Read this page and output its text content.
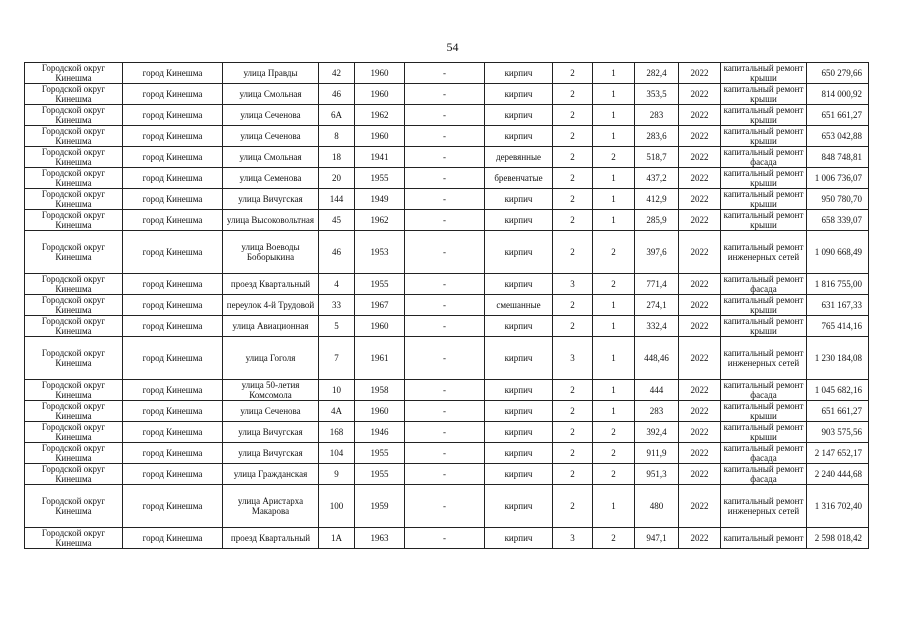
54
Городской округ Кинешма	город Кинешма	улица Правды	42	1960	-	кирпич	2	1	282,4	2022	капитальный ремонт крыши	650 279,66
Городской округ Кинешма	город Кинешма	улица Смольная	46	1960	-	кирпич	2	1	353,5	2022	капитальный ремонт крыши	814 000,92
Городской округ Кинешма	город Кинешма	улица Сеченова	6А	1962	-	кирпич	2	1	283	2022	капитальный ремонт крыши	651 661,27
Городской округ Кинешма	город Кинешма	улица Сеченова	8	1960	-	кирпич	2	1	283,6	2022	капитальный ремонт крыши	653 042,88
Городской округ Кинешма	город Кинешма	улица Смольная	18	1941	-	деревянные	2	2	518,7	2022	капитальный ремонт фасада	848 748,81
Городской округ Кинешма	город Кинешма	улица Семенова	20	1955	-	бревенчатые	2	1	437,2	2022	капитальный ремонт крыши	1 006 736,07
Городской округ Кинешма	город Кинешма	улица Вичугская	144	1949	-	кирпич	2	1	412,9	2022	капитальный ремонт крыши	950 780,70
Городской округ Кинешма	город Кинешма	улица Высоковольтная	45	1962	-	кирпич	2	1	285,9	2022	капитальный ремонт крыши	658 339,07
Городской округ Кинешма	город Кинешма	улица Воеводы Боборыкина	46	1953	-	кирпич	2	2	397,6	2022	капитальный ремонт инженерных сетей	1 090 668,49
Городской округ Кинешма	город Кинешма	проезд Квартальный	4	1955	-	кирпич	3	2	771,4	2022	капитальный ремонт фасада	1 816 755,00
Городской округ Кинешма	город Кинешма	переулок 4-й Трудовой	33	1967	-	смешанные	2	1	274,1	2022	капитальный ремонт крыши	631 167,33
Городской округ Кинешма	город Кинешма	улица Авиационная	5	1960	-	кирпич	2	1	332,4	2022	капитальный ремонт крыши	765 414,16
Городской округ Кинешма	город Кинешма	улица Гоголя	7	1961	-	кирпич	3	1	448,46	2022	капитальный ремонт инженерных сетей	1 230 184,08
Городской округ Кинешма	город Кинешма	улица 50-летия Комсомола	10	1958	-	кирпич	2	1	444	2022	капитальный ремонт фасада	1 045 682,16
Городской округ Кинешма	город Кинешма	улица Сеченова	4А	1960	-	кирпич	2	1	283	2022	капитальный ремонт крыши	651 661,27
Городской округ Кинешма	город Кинешма	улица Вичугская	168	1946	-	кирпич	2	2	392,4	2022	капитальный ремонт крыши	903 575,56
Городской округ Кинешма	город Кинешма	улица Вичугская	104	1955	-	кирпич	2	2	911,9	2022	капитальный ремонт фасада	2 147 652,17
Городской округ Кинешма	город Кинешма	улица Гражданская	9	1955	-	кирпич	2	2	951,3	2022	капитальный ремонт фасада	2 240 444,68
Городской округ Кинешма	город Кинешма	улица Аристарха Макарова	100	1959	-	кирпич	2	1	480	2022	капитальный ремонт инженерных сетей	1 316 702,40
Городской округ Кинешма	город Кинешма	проезд Квартальный	1А	1963	-	кирпич	3	2	947,1	2022	капитальный ремонт	2 598 018,42
